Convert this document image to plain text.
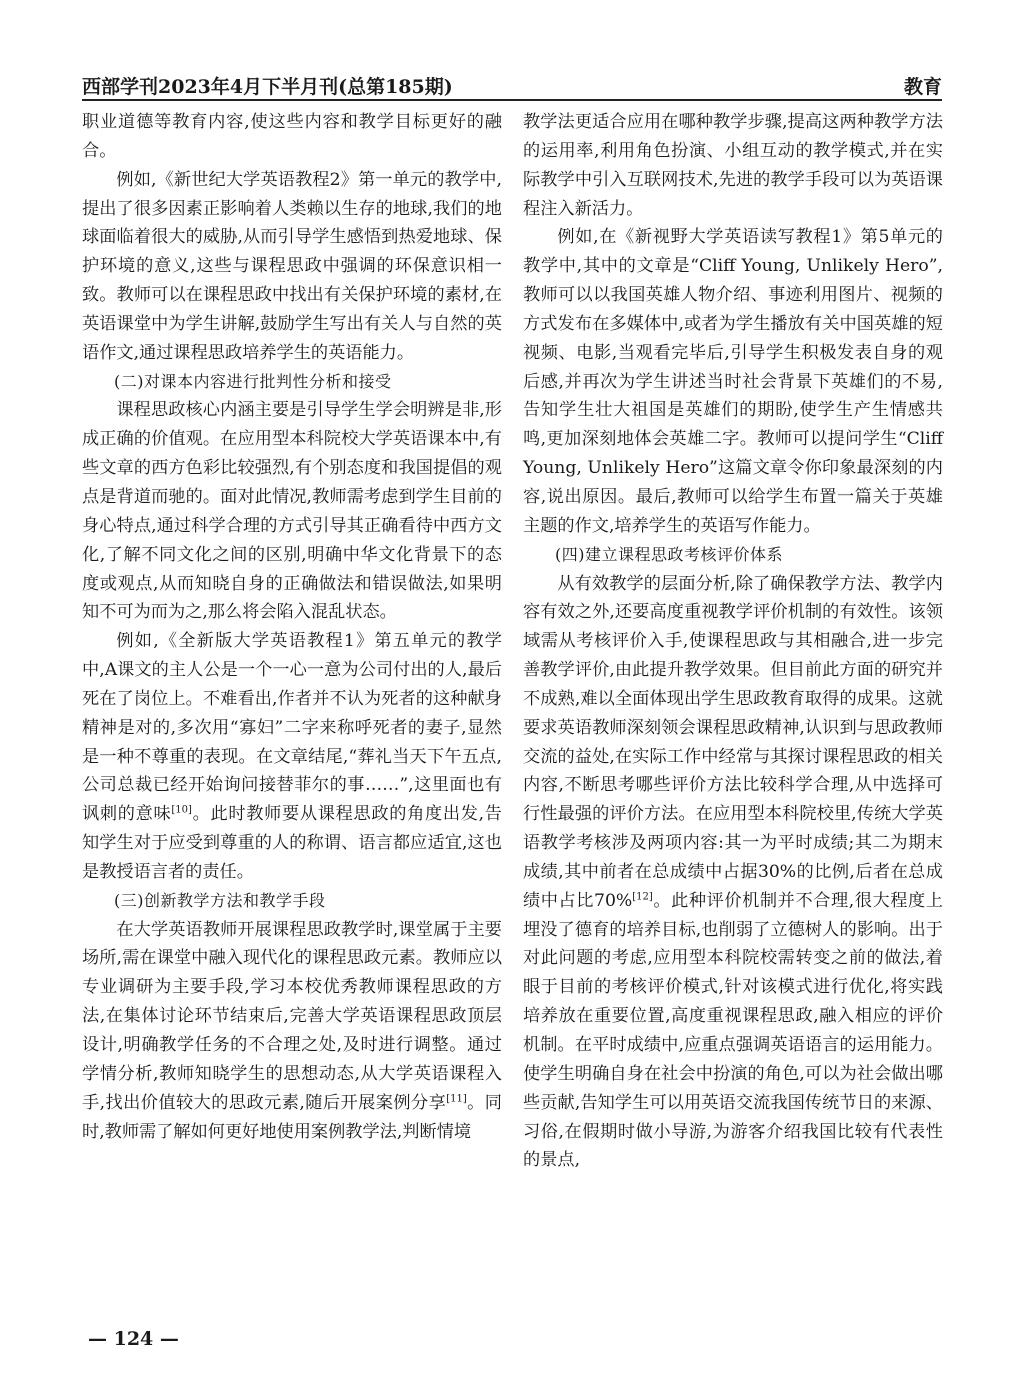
西部学刊2023年4月下半月刊(总第185期)	教育

职业道德等教育内容,使这些内容和教学目标更好的融合。

例如,《新世纪大学英语教程2》第一单元的教学中,提出了很多因素正影响着人类赖以生存的地球,我们的地球面临着很大的威胁,从而引导学生感悟到热爱地球、保护环境的意义,这些与课程思政中强调的环保意识相一致。教师可以在课程思政中找出有关保护环境的素材,在英语课堂中为学生讲解,鼓励学生写出有关人与自然的英语作文,通过课程思政培养学生的英语能力。

(二)对课本内容进行批判性分析和接受

课程思政核心内涵主要是引导学生学会明辨是非,形成正确的价值观。在应用型本科院校大学英语课本中,有些文章的西方色彩比较强烈,有个别态度和我国提倡的观点是背道而驰的。面对此情况,教师需考虑到学生目前的身心特点,通过科学合理的方式引导其正确看待中西方文化,了解不同文化之间的区别,明确中华文化背景下的态度或观点,从而知晓自身的正确做法和错误做法,如果明知不可为而为之,那么将会陷入混乱状态。

例如,《全新版大学英语教程1》第五单元的教学中,A课文的主人公是一个一心一意为公司付出的人,最后死在了岗位上。不难看出,作者并不认为死者的这种献身精神是对的,多次用“寡妇”二字来称呼死者的妻子,显然是一种不尊重的表现。在文章结尾,“葬礼当天下午五点,公司总裁已经开始询问接替菲尔的事……”,这里面也有讽刺的意味[10]。此时教师要从课程思政的角度出发,告知学生对于应受到尊重的人的称谓、语言都应适宜,这也是教授语言者的责任。

(三)创新教学方法和教学手段

在大学英语教师开展课程思政教学时,课堂属于主要场所,需在课堂中融入现代化的课程思政元素。教师应以专业调研为主要手段,学习本校优秀教师课程思政的方法,在集体讨论环节结束后,完善大学英语课程思政顶层设计,明确教学任务的不合理之处,及时进行调整。通过学情分析,教师知晓学生的思想动态,从大学英语课程入手,找出价值较大的思政元素,随后开展案例分享[11]。同时,教师需了解如何更好地使用案例教学法,判断情境

教学法更适合应用在哪种教学步骤,提高这两种教学方法的运用率,利用角色扮演、小组互动的教学模式,并在实际教学中引入互联网技术,先进的教学手段可以为英语课程注入新活力。

例如,在《新视野大学英语读写教程1》第5单元的教学中,其中的文章是“Cliff Young, Unlikely Hero”,教师可以以我国英雄人物介绍、事迹利用图片、视频的方式发布在多媒体中,或者为学生播放有关中国英雄的短视频、电影,当观看完毕后,引导学生积极发表自身的观后感,并再次为学生讲述当时社会背景下英雄们的不易,告知学生壮大祖国是英雄们的期盼,使学生产生情感共鸣,更加深刻地体会英雄二字。教师可以提问学生“Cliff Young, Unlikely Hero”这篇文章令你印象最深刻的内容,说出原因。最后,教师可以给学生布置一篇关于英雄主题的作文,培养学生的英语写作能力。

(四)建立课程思政考核评价体系

从有效教学的层面分析,除了确保教学方法、教学内容有效之外,还要高度重视教学评价机制的有效性。该领域需从考核评价入手,使课程思政与其相融合,进一步完善教学评价,由此提升教学效果。但目前此方面的研究并不成熟,难以全面体现出学生思政教育取得的成果。这就要求英语教师深刻领会课程思政精神,认识到与思政教师交流的益处,在实际工作中经常与其探讨课程思政的相关内容,不断思考哪些评价方法比较科学合理,从中选择可行性最强的评价方法。在应用型本科院校里,传统大学英语教学考核涉及两项内容:其一为平时成绩;其二为期末成绩,其中前者在总成绩中占据30%的比例,后者在总成绩中占比70%[12]。此种评价机制并不合理,很大程度上埋没了德育的培养目标,也削弱了立德树人的影响。出于对此问题的考虑,应用型本科院校需转变之前的做法,着眼于目前的考核评价模式,针对该模式进行优化,将实践培养放在重要位置,高度重视课程思政,融入相应的评价机制。在平时成绩中,应重点强调英语语言的运用能力。使学生明确自身在社会中扮演的角色,可以为社会做出哪些贡献,告知学生可以用英语交流我国传统节日的来源、习俗,在假期时做小导游,为游客介绍我国比较有代表性的景点,

— 124 —
